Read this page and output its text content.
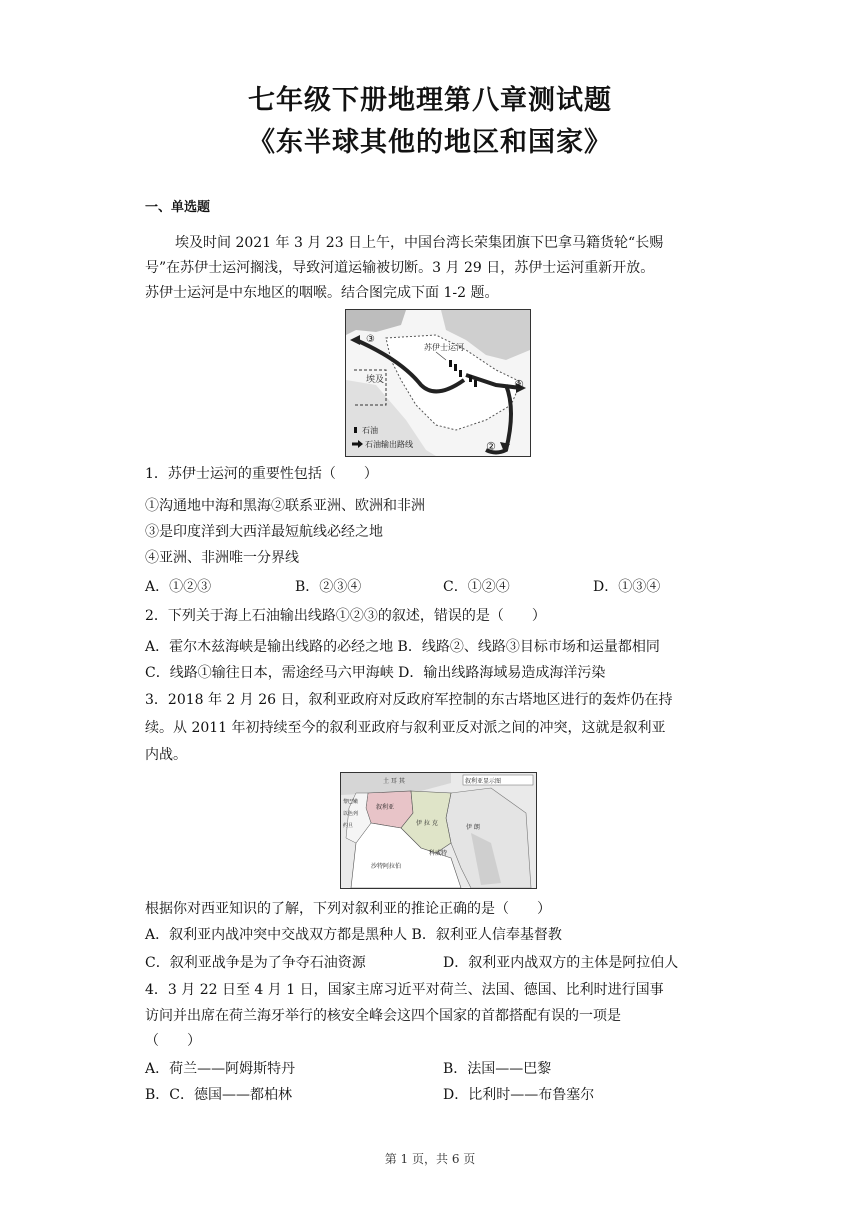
七年级下册地理第八章测试题
《东半球其他的地区和国家》
一、单选题
埃及时间 2021 年 3 月 23 日上午，中国台湾长荣集团旗下巴拿马籍货轮“长赐
号”在苏伊士运河搁浅，导致河道运输被切断。3 月 29 日，苏伊士运河重新开放。
苏伊士运河是中东地区的咽喉。结合图完成下面 1-2 题。
苏伊士运河
埃及	①
②
③
石油
石油输出路线
1．苏伊士运河的重要性包括（　　）
①沟通地中海和黑海②联系亚洲、欧洲和非洲
③是印度洋到大西洋最短航线必经之地
④亚洲、非洲唯一分界线
A．①②③	B．②③④	C．①②④	D．①③④
2．下列关于海上石油输出线路①②③的叙述，错误的是（　　）
A．霍尔木兹海峡是输出线路的必经之地 B．线路②、线路③目标市场和运量都相同
C．线路①输往日本，需途经马六甲海峡 D．输出线路海域易造成海洋污染
3．2018 年 2 月 26 日，叙利亚政府对反政府军控制的东古塔地区进行的轰炸仍在持
续。从 2011 年初持续至今的叙利亚政府与叙利亚反对派之间的冲突，这就是叙利亚
内战。
叙利亚显示图
土 耳 其
叙利亚
伊 拉 克
伊 朗
科威特
沙特阿拉伯
黎巴嫩
以色列
约旦
根据你对西亚知识的了解，下列对叙利亚的推论正确的是（　　）
A．叙利亚内战冲突中交战双方都是黑种人 B．叙利亚人信奉基督教
C．叙利亚战争是为了争夺石油资源	D．叙利亚内战双方的主体是阿拉伯人
4．3 月 22 日至 4 月 1 日，国家主席习近平对荷兰、法国、德国、比利时进行国事
访问并出席在荷兰海牙举行的核安全峰会这四个国家的首都搭配有误的一项是
（　　）
A．荷兰——阿姆斯特丹	B．法国——巴黎
B．C．德国——都柏林	D．比利时——布鲁塞尔
第 1 页，共 6 页
